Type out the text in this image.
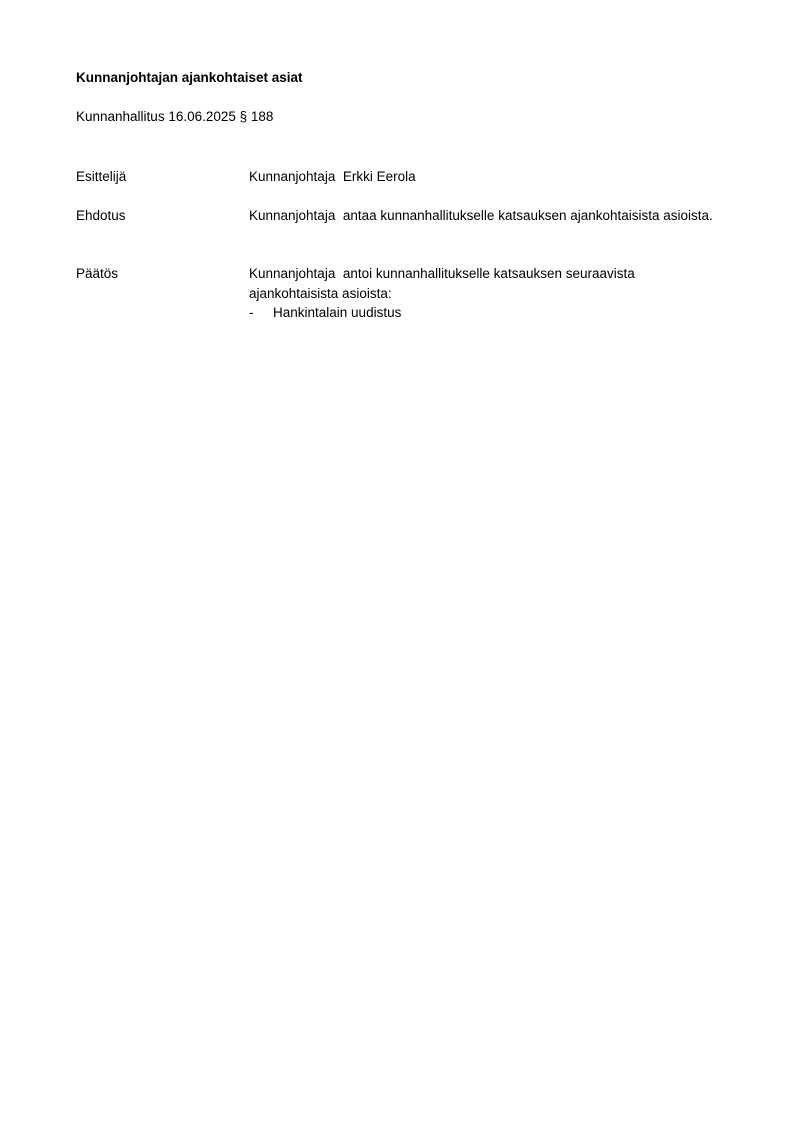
Kunnanjohtajan ajankohtaiset asiat
Kunnanhallitus 16.06.2025 § 188
Esittelijä	Kunnanjohtaja  Erkki Eerola
Ehdotus	Kunnanjohtaja  antaa kunnanhallitukselle katsauksen ajankohtaisista asioista.
Päätös	Kunnanjohtaja  antoi kunnanhallitukselle katsauksen seuraavista ajankohtaisista asioista:
- Hankintalain uudistus
